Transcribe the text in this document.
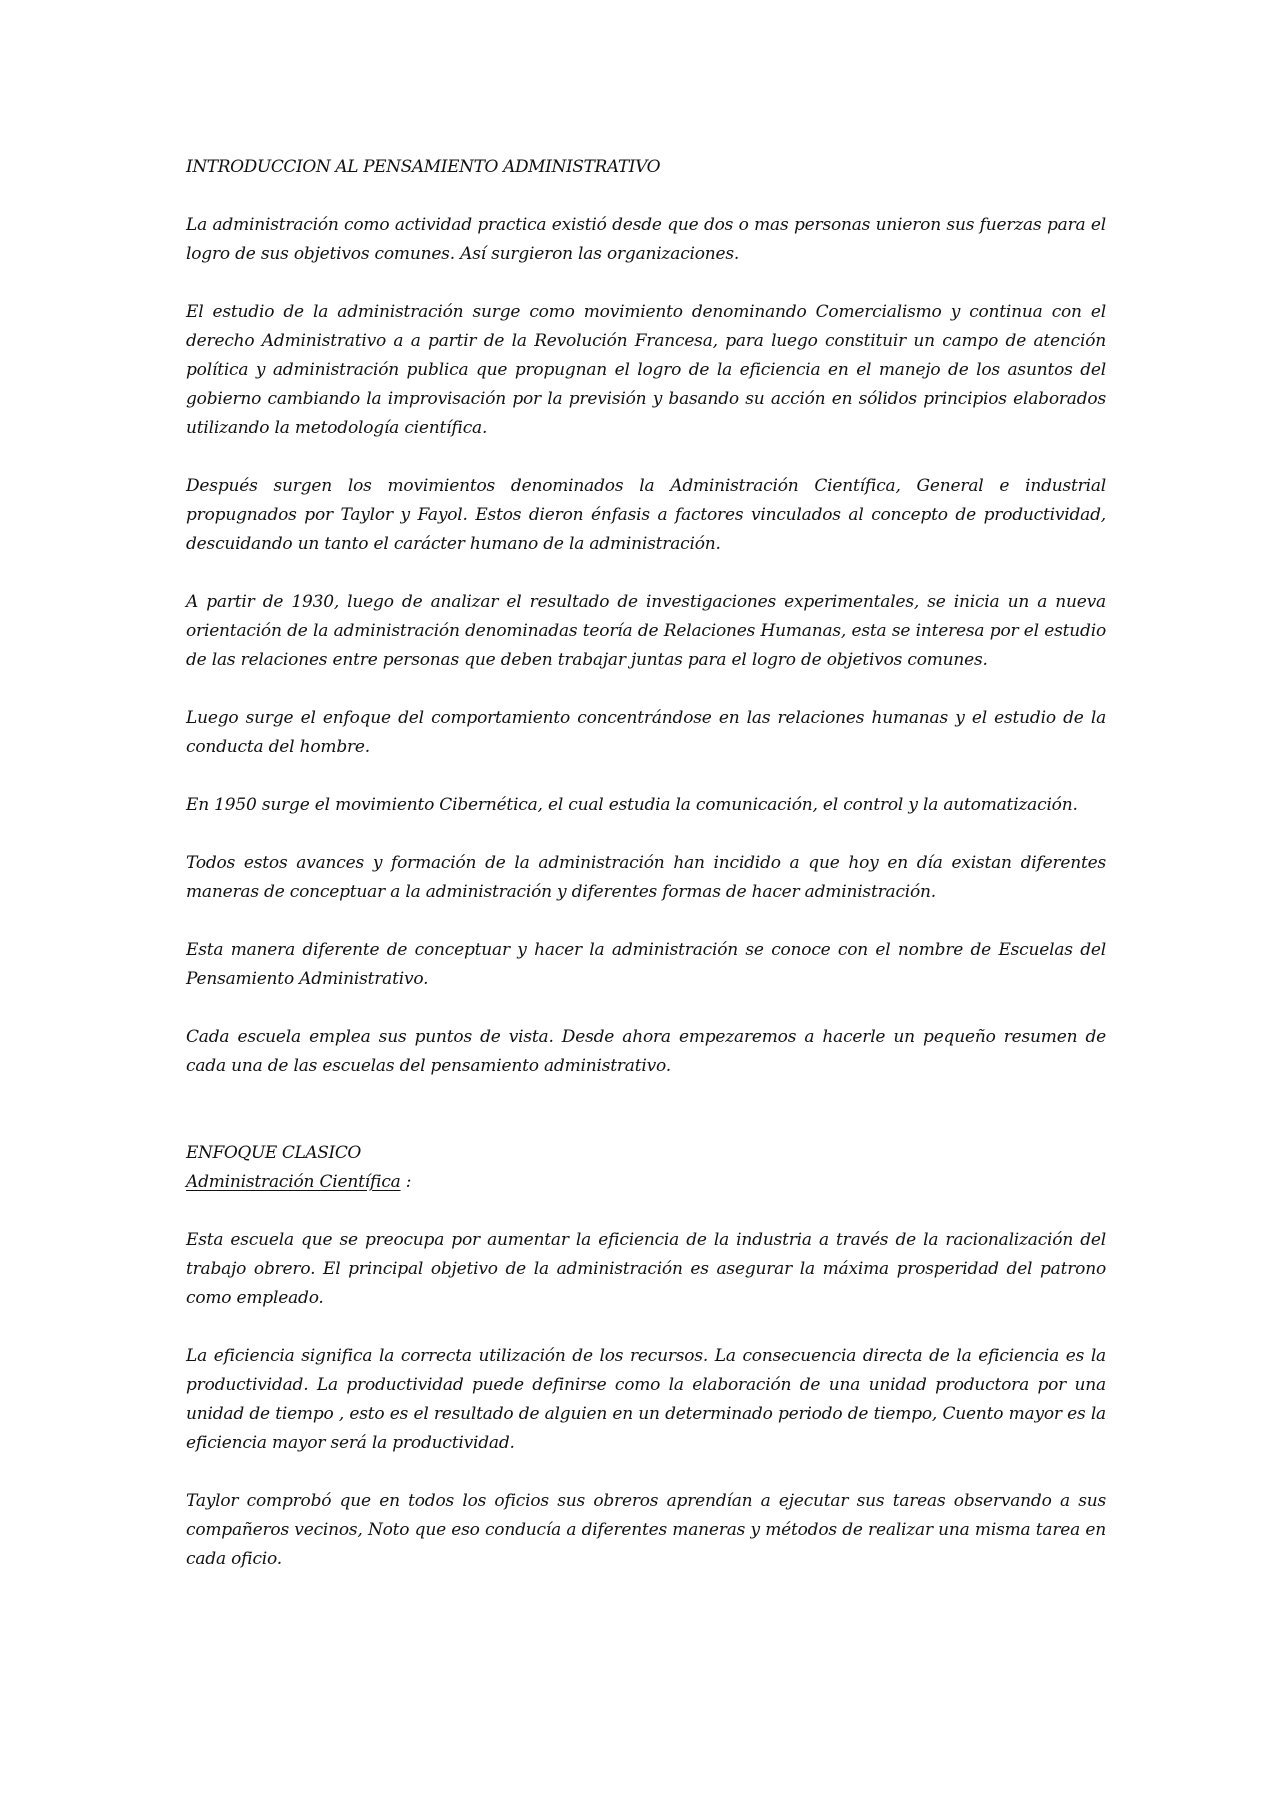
INTRODUCCION AL PENSAMIENTO ADMINISTRATIVO

La administración como actividad practica existió desde que dos o mas personas unieron sus fuerzas para el logro de sus objetivos comunes. Así surgieron las organizaciones.

El estudio de la administración surge como movimiento denominando Comercialismo y continua con el derecho Administrativo a a partir de la Revolución Francesa, para luego constituir un campo de atención política y administración publica que propugnan el logro de la eficiencia en el manejo de los asuntos del gobierno cambiando la improvisación por la previsión y basando su acción en sólidos principios elaborados utilizando la metodología científica.

Después surgen los movimientos denominados la Administración Científica, General e industrial propugnados por Taylor y Fayol. Estos dieron énfasis a factores vinculados al concepto de productividad, descuidando un tanto el carácter humano de la administración.

A partir de 1930, luego de analizar el resultado de investigaciones experimentales, se inicia un a nueva orientación de la administración denominadas teoría de Relaciones Humanas, esta se interesa por el estudio de las relaciones entre personas que deben trabajar juntas para el logro de objetivos comunes.

Luego surge el enfoque del comportamiento concentrándose en las relaciones humanas y el estudio de la conducta del hombre.

En 1950 surge el movimiento Cibernética, el cual estudia la comunicación, el control y la automatización.

Todos estos avances y formación de la administración han incidido a que hoy en día existan diferentes maneras de conceptuar a la administración y diferentes formas de hacer administración.

Esta manera diferente de conceptuar y hacer la administración se conoce con el nombre de Escuelas del Pensamiento Administrativo.

Cada escuela emplea sus puntos de vista. Desde ahora empezaremos a hacerle un pequeño resumen de cada una de las escuelas del pensamiento administrativo.

ENFOQUE CLASICO

Administración Científica :

Esta escuela que se preocupa por aumentar la eficiencia de la industria a través de la racionalización del trabajo obrero. El principal objetivo de la administración es asegurar la máxima prosperidad del patrono como empleado.

La eficiencia significa la correcta utilización de los recursos. La consecuencia directa de la eficiencia es la productividad. La productividad puede definirse como la elaboración de una unidad productora por una unidad de tiempo , esto es el resultado de alguien en un determinado periodo de tiempo, Cuento mayor es la eficiencia mayor será la productividad.

Taylor comprobó que en todos los oficios sus obreros aprendían a ejecutar sus tareas observando a sus compañeros vecinos, Noto que eso conducía a diferentes maneras y métodos de realizar una misma tarea en cada oficio.
